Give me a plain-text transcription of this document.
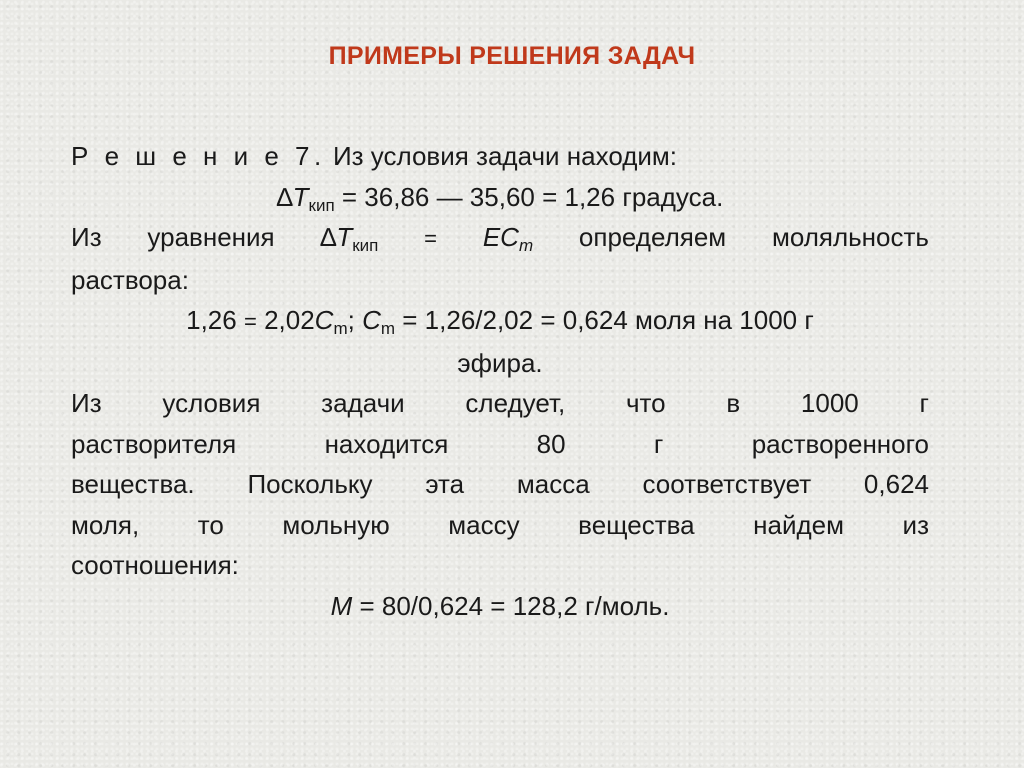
ПРИМЕРЫ РЕШЕНИЯ ЗАДАЧ

Р е ш е н и е 7. Из условия задачи находим:

$\Delta T_{кип} = 36,86$ — 35,60 = 1,26 градуса.

Из уравнения $\Delta T_{кип} = EC_m$ определяем моляльность

раствора:

$1,26 = 2,02C_m$; $C_m = 1,26/2,02 = 0,624$ моля на 1000 г

эфира.

Из условия задачи следует, что в 1000 г

растворителя находится 80 г растворенного

вещества. Поскольку эта масса соответствует 0,624

моля, то мольную массу вещества найдем из

соотношения:

M = 80/0,624 = 128,2 г/моль.
